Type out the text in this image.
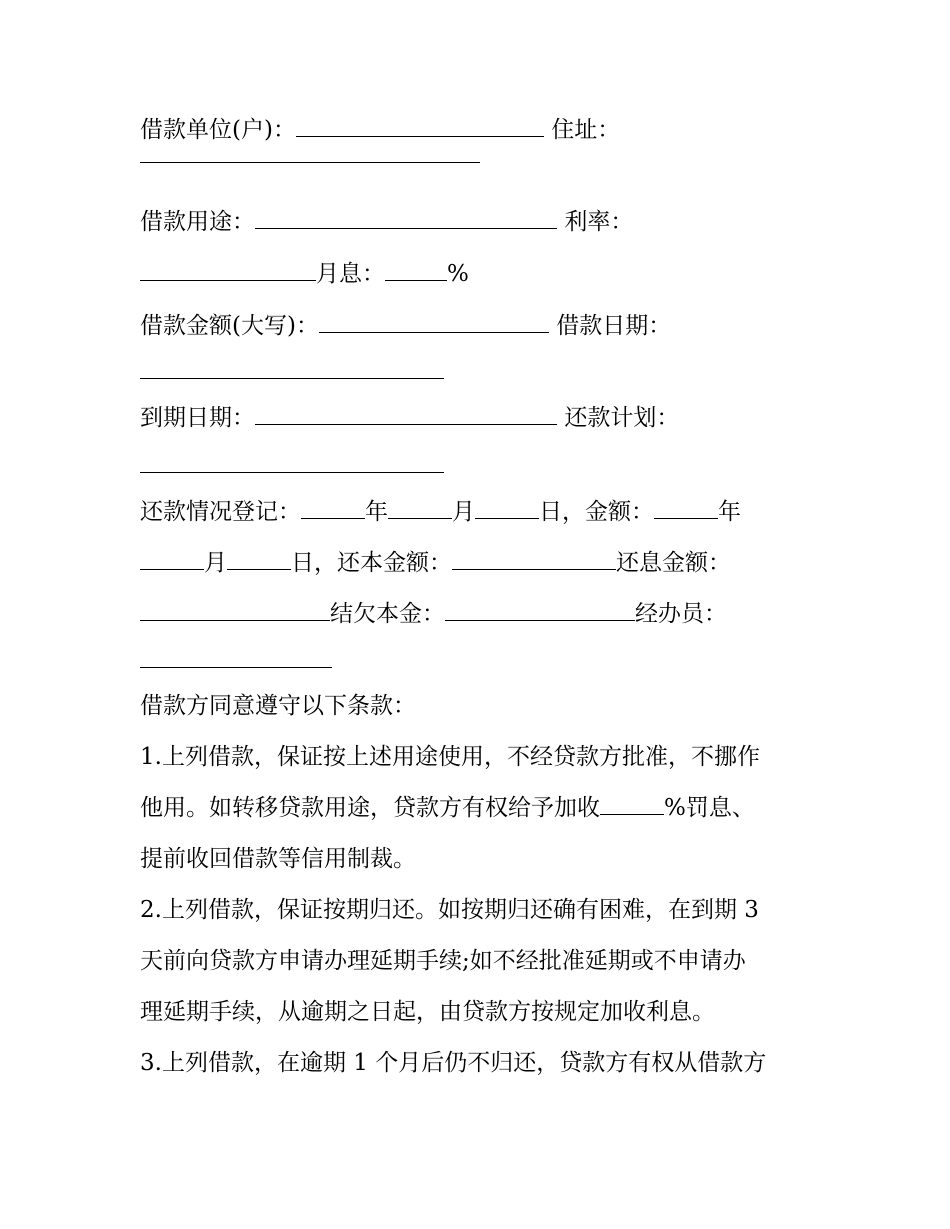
借款单位(户)：	住址：
借款用途：	利率：
月息：	%
借款金额(大写)：	借款日期：
到期日期：	还款计划：
还款情况登记：	年	月	日，金额：	年
月	日，还本金额：	还息金额：
结欠本金：	经办员：
借款方同意遵守以下条款：
1.上列借款，保证按上述用途使用，不经贷款方批准，不挪作
他用。如转移贷款用途，贷款方有权给予加收	%罚息、
提前收回借款等信用制裁。
2.上列借款，保证按期归还。如按期归还确有困难，在到期 3
天前向贷款方申请办理延期手续;如不经批准延期或不申请办
理延期手续，从逾期之日起，由贷款方按规定加收利息。
3.上列借款，在逾期 1 个月后仍不归还，贷款方有权从借款方
